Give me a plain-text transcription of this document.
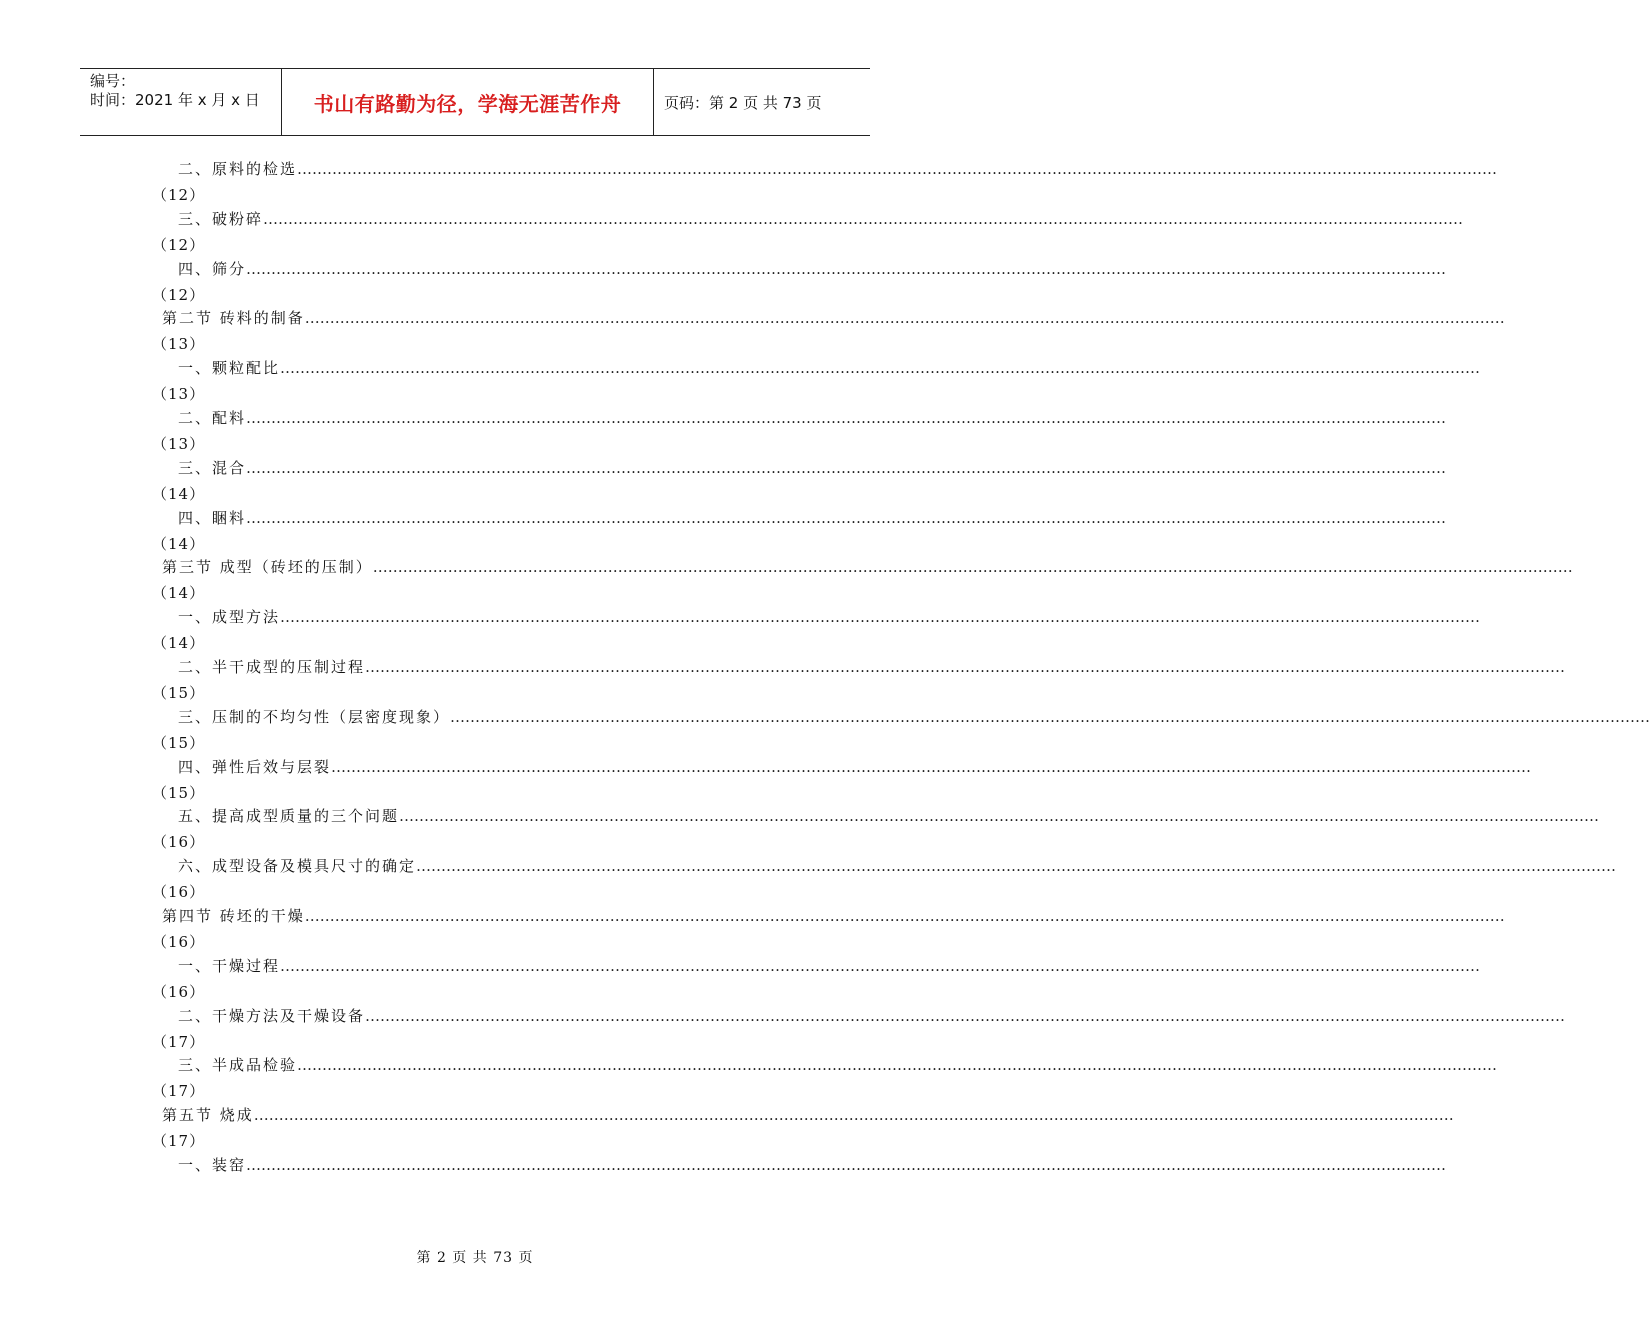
编号：
时间：2021 年 x 月 x 日	书山有路勤为径，学海无涯苦作舟	页码：第 2 页 共 73 页
二、原料的检选 ……………………………………………………………………………………………………………………………………………………………………………………………………………………
（12）
三、破粉碎 ……………………………………………………………………………………………………………………………………………………………………………………………………………………
（12）
四、筛分 ……………………………………………………………………………………………………………………………………………………………………………………………………………………
（12）
第二节 砖料的制备 ……………………………………………………………………………………………………………………………………………………………………………………………………………………
（13）
一、颗粒配比 ……………………………………………………………………………………………………………………………………………………………………………………………………………………
（13）
二、配料 ……………………………………………………………………………………………………………………………………………………………………………………………………………………
（13）
三、混合 ……………………………………………………………………………………………………………………………………………………………………………………………………………………
（14）
四、睏料 ……………………………………………………………………………………………………………………………………………………………………………………………………………………
（14）
第三节 成型（砖坯的压制） ……………………………………………………………………………………………………………………………………………………………………………………………………………………
（14）
一、成型方法 ……………………………………………………………………………………………………………………………………………………………………………………………………………………
（14）
二、半干成型的压制过程 ……………………………………………………………………………………………………………………………………………………………………………………………………………………
（15）
三、压制的不均匀性（层密度现象） ……………………………………………………………………………………………………………………………………………………………………………………………………………………
（15）
四、弹性后效与层裂 ……………………………………………………………………………………………………………………………………………………………………………………………………………………
（15）
五、提高成型质量的三个问题 ……………………………………………………………………………………………………………………………………………………………………………………………………………………
（16）
六、成型设备及模具尺寸的确定 ……………………………………………………………………………………………………………………………………………………………………………………………………………………
（16）
第四节 砖坯的干燥 ……………………………………………………………………………………………………………………………………………………………………………………………………………………
（16）
一、干燥过程 ……………………………………………………………………………………………………………………………………………………………………………………………………………………
（16）
二、干燥方法及干燥设备 ……………………………………………………………………………………………………………………………………………………………………………………………………………………
（17）
三、半成品检验 ……………………………………………………………………………………………………………………………………………………………………………………………………………………
（17）
第五节 烧成 ……………………………………………………………………………………………………………………………………………………………………………………………………………………
（17）
一、装窑 ……………………………………………………………………………………………………………………………………………………………………………………………………………………
第 2 页 共 73 页
